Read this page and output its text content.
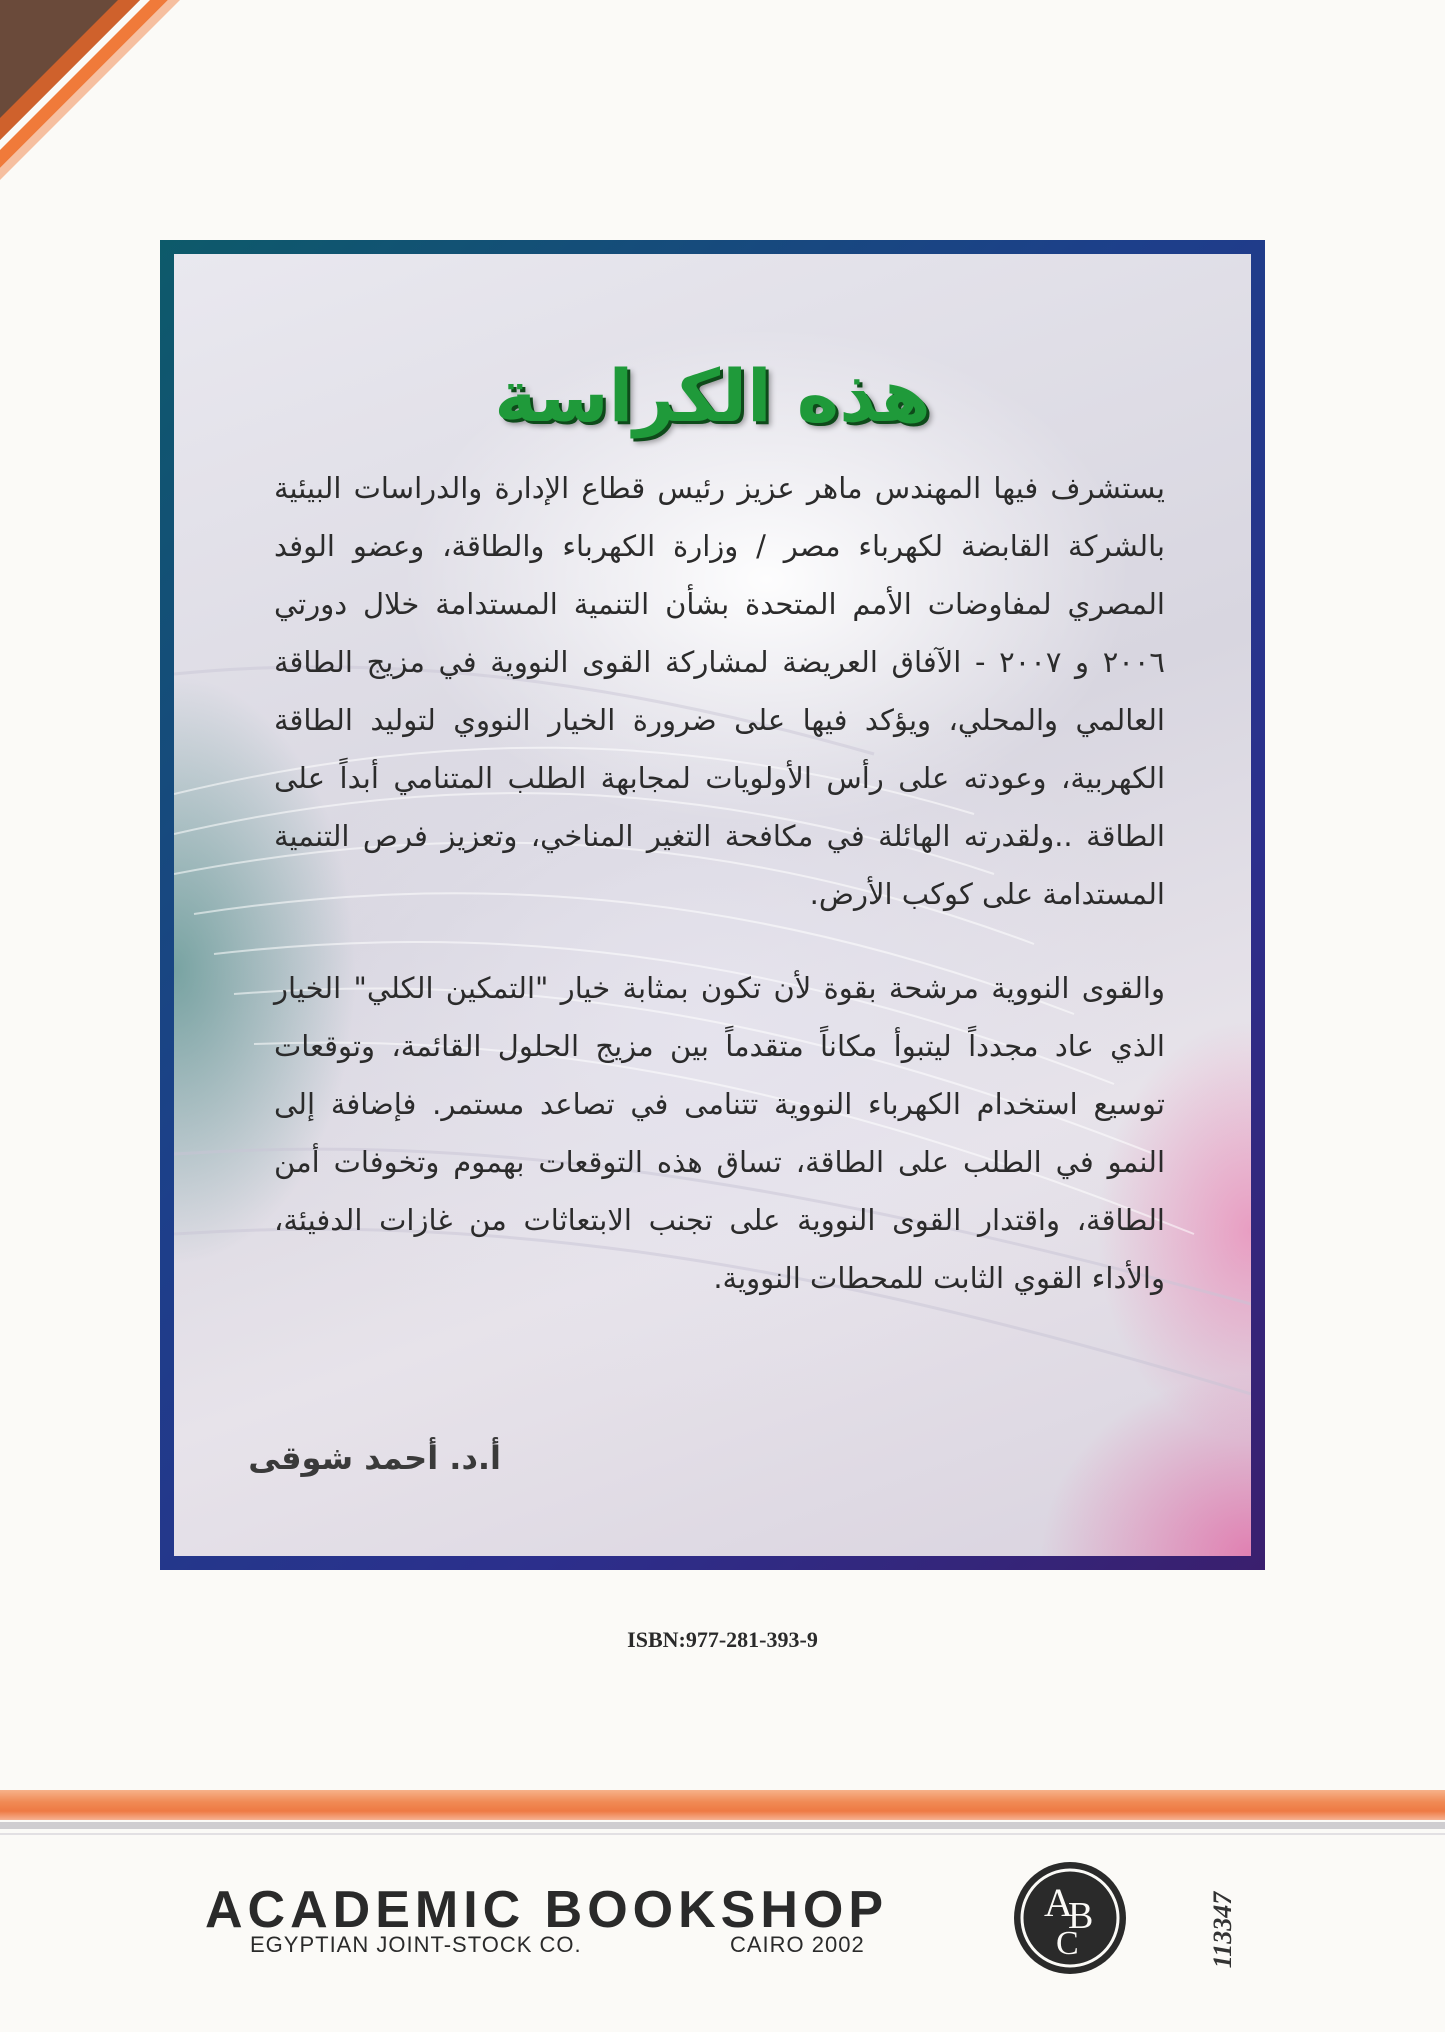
هذه الكراسة
يستشرف فيها المهندس ماهر عزيز رئيس قطاع الإدارة والدراسات البيئية بالشركة القابضة لكهرباء مصر / وزارة الكهرباء والطاقة، وعضو الوفد المصري لمفاوضات الأمم المتحدة بشأن التنمية المستدامة خلال دورتي ٢٠٠٦ و ٢٠٠٧ - الآفاق العريضة لمشاركة القوى النووية في مزيج الطاقة العالمي والمحلي، ويؤكد فيها على ضرورة الخيار النووي لتوليد الطاقة الكهربية، وعودته على رأس الأولويات لمجابهة الطلب المتنامي أبداً على الطاقة ..ولقدرته الهائلة في مكافحة التغير المناخي، وتعزيز فرص التنمية المستدامة على كوكب الأرض.
والقوى النووية مرشحة بقوة لأن تكون بمثابة خيار "التمكين الكلي" الخيار الذي عاد مجدداً ليتبوأ مكاناً متقدماً بين مزيج الحلول القائمة، وتوقعات توسيع استخدام الكهرباء النووية تتنامى في تصاعد مستمر. فإضافة إلى النمو في الطلب على الطاقة، تساق هذه التوقعات بهموم وتخوفات أمن الطاقة، واقتدار القوى النووية على تجنب الابتعاثات من غازات الدفيئة، والأداء القوي الثابت للمحطات النووية.
أ.د. أحمد شوقى
ISBN:977-281-393-9
ACADEMIC BOOKSHOP
EGYPTIAN JOINT-STOCK CO.	CAIRO 2002
A
B
C	113347
